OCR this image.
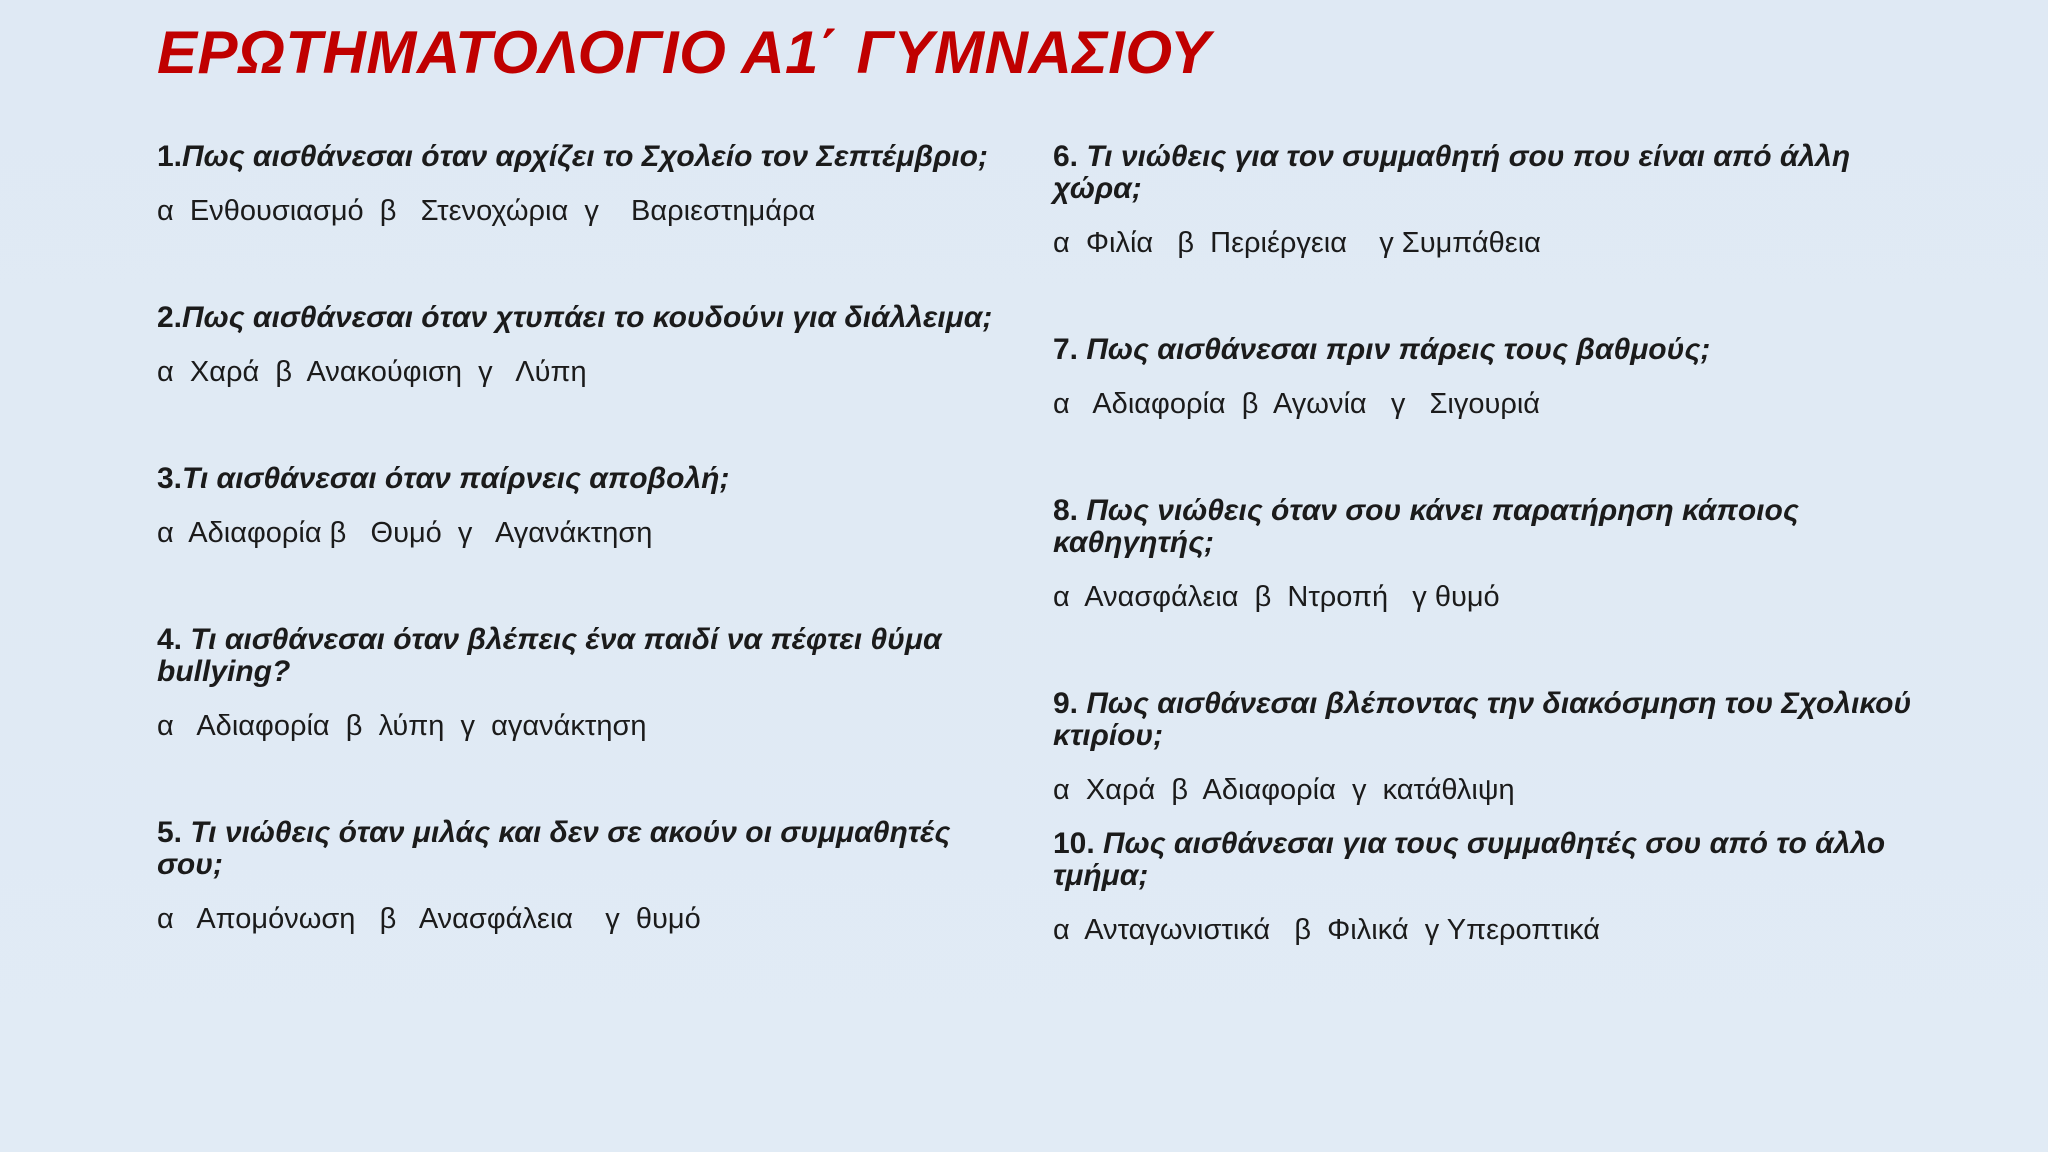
ΕΡΩΤΗΜΑΤΟΛΟΓΙΟ Α1΄ ΓΥΜΝΑΣΙΟΥ

1.Πως αισθάνεσαι όταν αρχίζει το Σχολείο τον Σεπτέμβριο;

α  Ενθουσιασμό  β   Στενοχώρια  γ    Βαριεστημάρα

2.Πως αισθάνεσαι όταν χτυπάει το κουδούνι για διάλλειμα;

α  Χαρά  β  Ανακούφιση  γ   Λύπη

3.Τι αισθάνεσαι όταν παίρνεις αποβολή;

α  Αδιαφορία β   Θυμό  γ   Αγανάκτηση

4. Τι αισθάνεσαι όταν βλέπεις ένα παιδί να πέφτει θύμα bullying?

α   Αδιαφορία  β  λύπη  γ  αγανάκτηση

5. Τι νιώθεις όταν μιλάς και δεν σε ακούν οι συμμαθητές σου;

α   Απομόνωση   β   Ανασφάλεια    γ  θυμό

6. Τι νιώθεις για τον συμμαθητή σου που είναι από άλλη χώρα;

α  Φιλία   β  Περιέργεια    γ Συμπάθεια

7. Πως αισθάνεσαι πριν πάρεις τους βαθμούς;

α   Αδιαφορία  β  Αγωνία   γ   Σιγουριά

8. Πως νιώθεις όταν σου κάνει παρατήρηση κάποιος καθηγητής;

α  Ανασφάλεια  β  Ντροπή   γ θυμό

9. Πως αισθάνεσαι βλέποντας την διακόσμηση του Σχολικού κτιρίου;

α  Χαρά  β  Αδιαφορία  γ  κατάθλιψη

10. Πως αισθάνεσαι για τους συμμαθητές σου από το άλλο τμήμα;

α  Ανταγωνιστικά   β  Φιλικά  γ Υπεροπτικά
